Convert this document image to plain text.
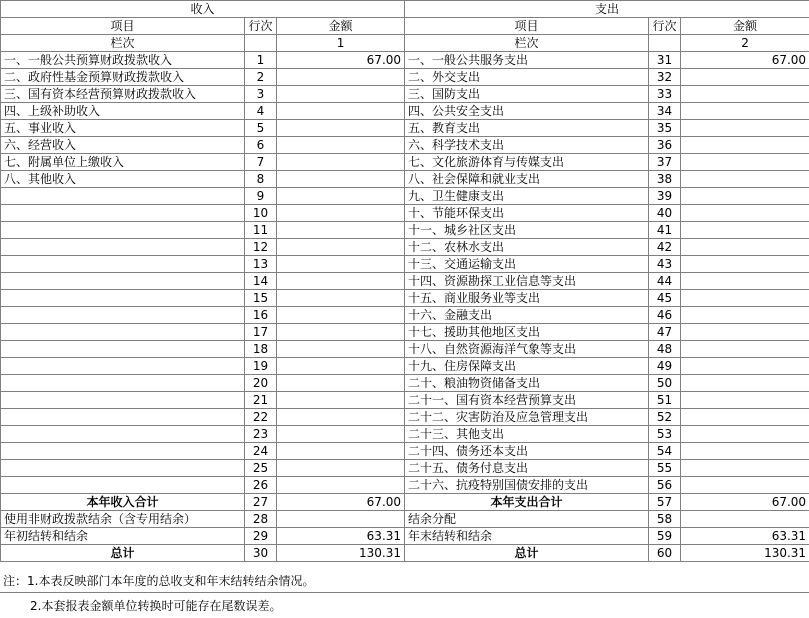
收入			支出		
项目	行次	金额	项目	行次	金额
栏次		1	栏次		2
一、一般公共预算财政拨款收入	1	67.00	一、一般公共服务支出	31	67.00
二、政府性基金预算财政拨款收入	2		二、外交支出	32	
三、国有资本经营预算财政拨款收入	3		三、国防支出	33	
四、上级补助收入	4		四、公共安全支出	34	
五、事业收入	5		五、教育支出	35	
六、经营收入	6		六、科学技术支出	36	
七、附属单位上缴收入	7		七、文化旅游体育与传媒支出	37	
八、其他收入	8		八、社会保障和就业支出	38	
	9		九、卫生健康支出	39	
	10		十、节能环保支出	40	
	11		十一、城乡社区支出	41	
	12		十二、农林水支出	42	
	13		十三、交通运输支出	43	
	14		十四、资源勘探工业信息等支出	44	
	15		十五、商业服务业等支出	45	
	16		十六、金融支出	46	
	17		十七、援助其他地区支出	47	
	18		十八、自然资源海洋气象等支出	48	
	19		十九、住房保障支出	49	
	20		二十、粮油物资储备支出	50	
	21		二十一、国有资本经营预算支出	51	
	22		二十二、灾害防治及应急管理支出	52	
	23		二十三、其他支出	53	
	24		二十四、债务还本支出	54	
	25		二十五、债务付息支出	55	
	26		二十六、抗疫特别国债安排的支出	56	
本年收入合计	27	67.00	本年支出合计	57	67.00
使用非财政拨款结余（含专用结余）	28		结余分配	58	
年初结转和结余	29	63.31	年末结转和结余	59	63.31
总计	30	130.31	总计	60	130.31
注：1.本表反映部门本年度的总收支和年末结转结余情况。
2.本套报表金额单位转换时可能存在尾数误差。
